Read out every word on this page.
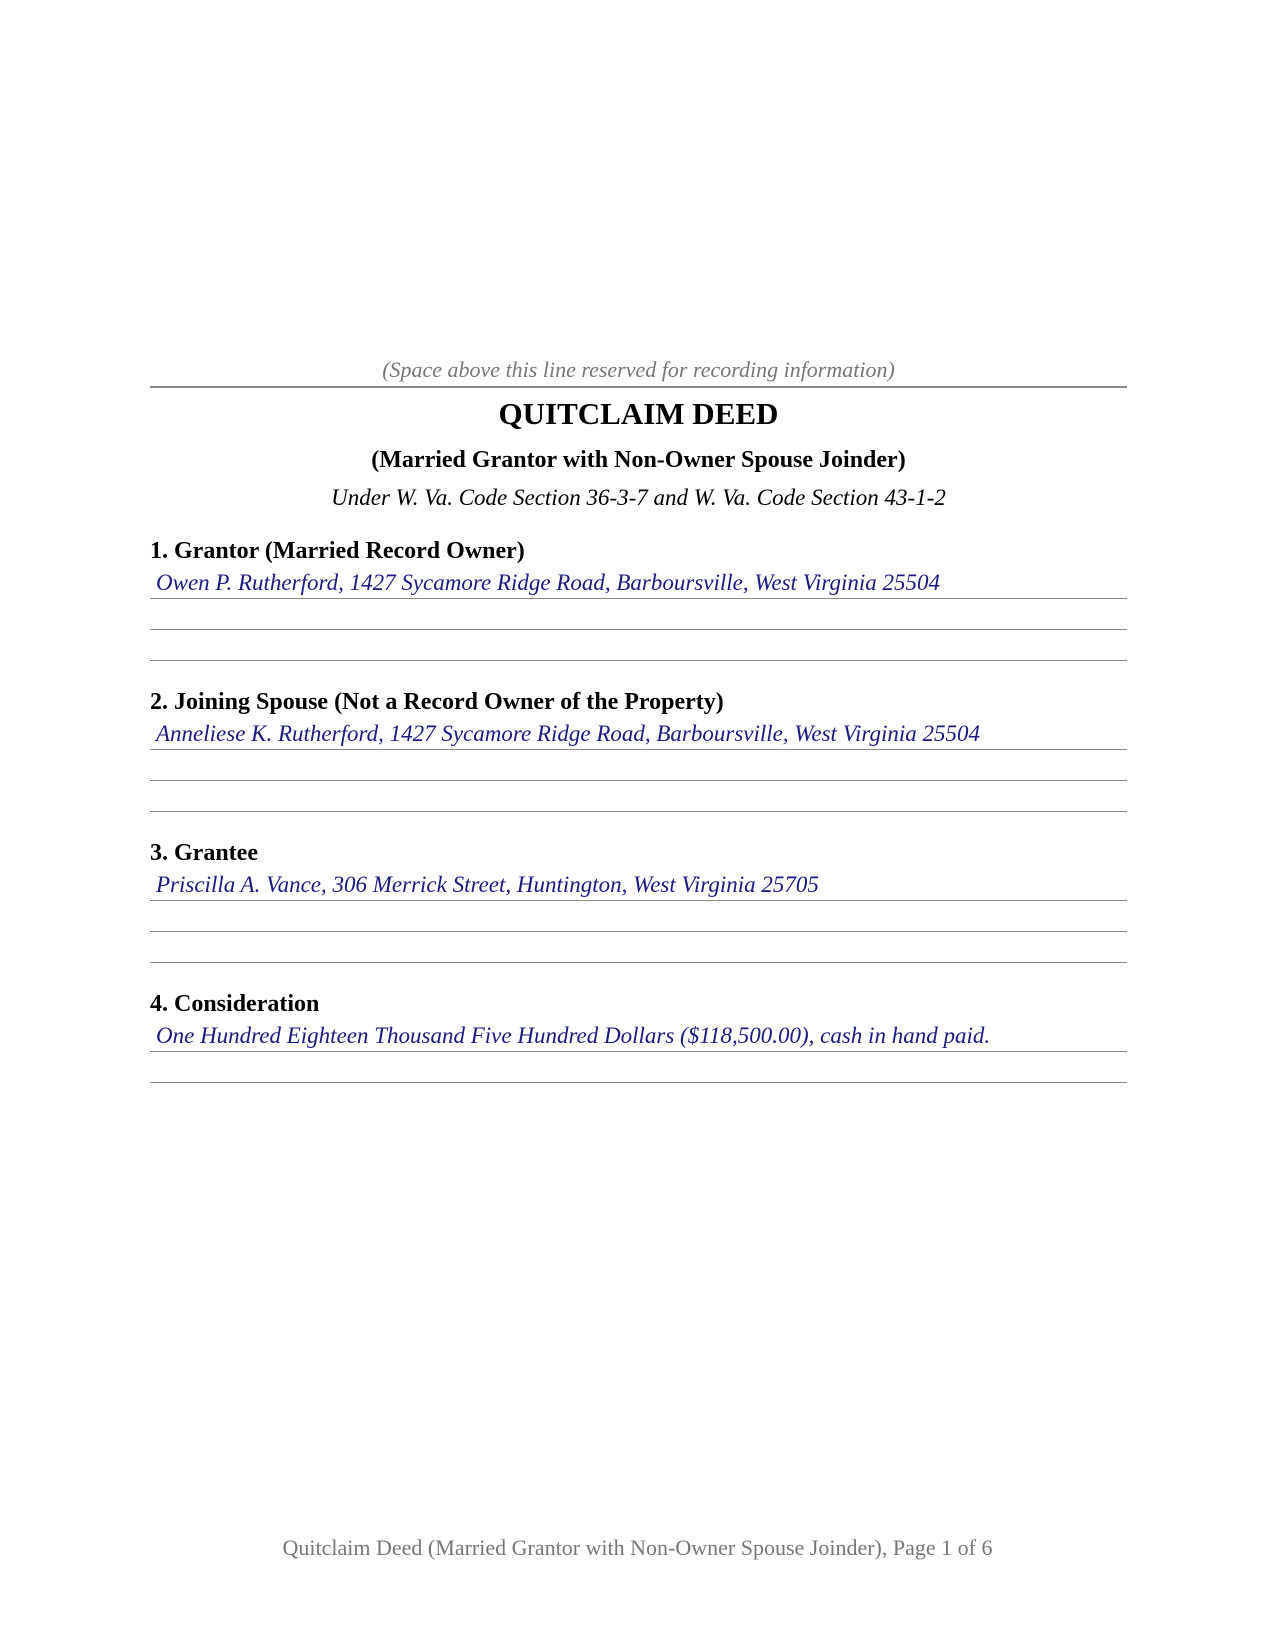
(Space above this line reserved for recording information)
QUITCLAIM DEED
(Married Grantor with Non-Owner Spouse Joinder)
Under W. Va. Code Section 36-3-7 and W. Va. Code Section 43-1-2
1. Grantor (Married Record Owner)
Owen P. Rutherford, 1427 Sycamore Ridge Road, Barboursville, West Virginia 25504
2. Joining Spouse (Not a Record Owner of the Property)
Anneliese K. Rutherford, 1427 Sycamore Ridge Road, Barboursville, West Virginia 25504
3. Grantee
Priscilla A. Vance, 306 Merrick Street, Huntington, West Virginia 25705
4. Consideration
One Hundred Eighteen Thousand Five Hundred Dollars ($118,500.00), cash in hand paid.
Quitclaim Deed (Married Grantor with Non-Owner Spouse Joinder), Page 1 of 6
